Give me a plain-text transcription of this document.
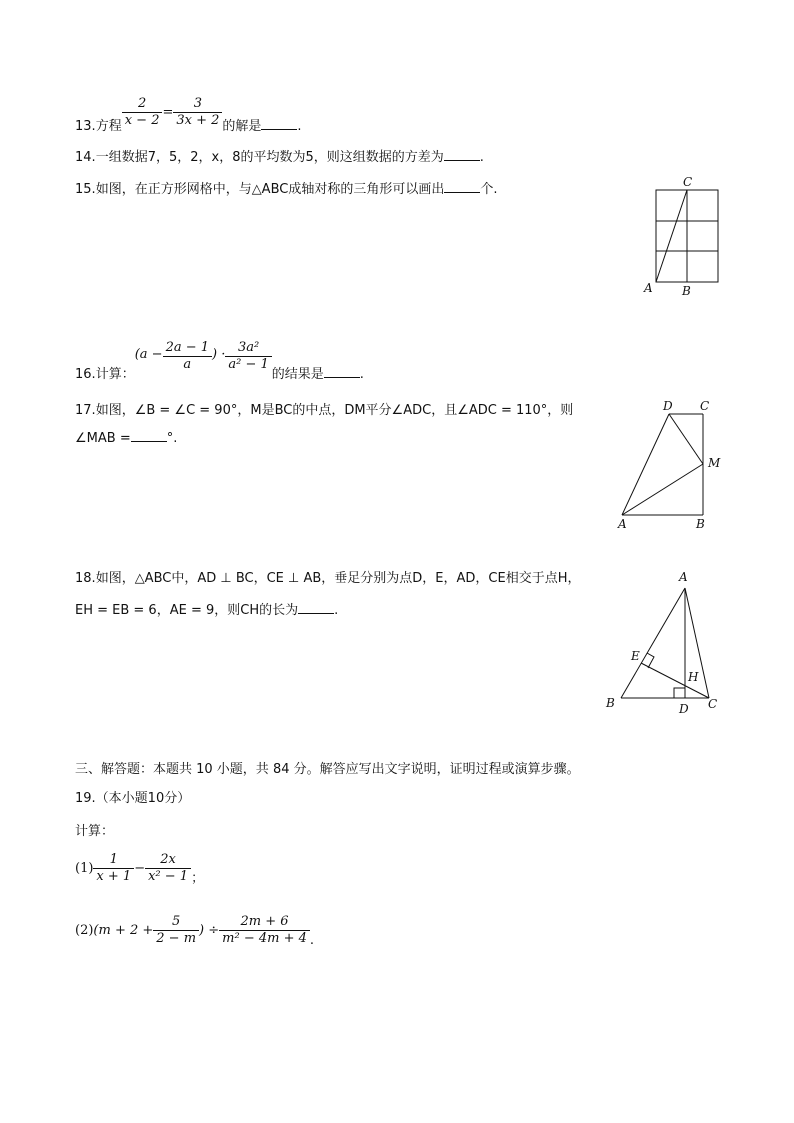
13.方程 $\frac{2}{x - 2} = \frac{3}{3x + 2}$ 的解是	.
14.一组数据7，5，2，x，8的平均数为5，则这组数据的方差为	.
15.如图，在正方形网格中，与△ABC成轴对称的三角形可以画出	个.
A B
C
16.计算：($a - \frac{2a - 1}{a}$ ) · $\frac{\text{3a²}}{\text{a² − 1}}$
的结果是	.
17.如图，∠B = ∠C = 90°，M是BC的中点，DM平分∠ADC，且∠ADC = 110°，则
∠MAB =	°.
A	B
C
D
M
18.如图，△ABC中，AD ⊥ BC，CE ⊥ AB，垂足分别为点D，E，AD，CE相交于点H，
EH = EB = 6，AE = 9，则CH的长为	.
A
B	C
D
E
H
三、解答题：本题共 10 小题，共 84 分。解答应写出文字说明，证明过程或演算步骤。
19.（本小题10分）
计算：
$(1) \frac{1}{x + 1} - \frac{2x}{\text{x² − 1}}$ ；
$(2)(m + 2 + \frac{5}{2 - m}$ ) ÷ $\frac{2m + 6}{\text{m² − 4m + 4}}$ .
